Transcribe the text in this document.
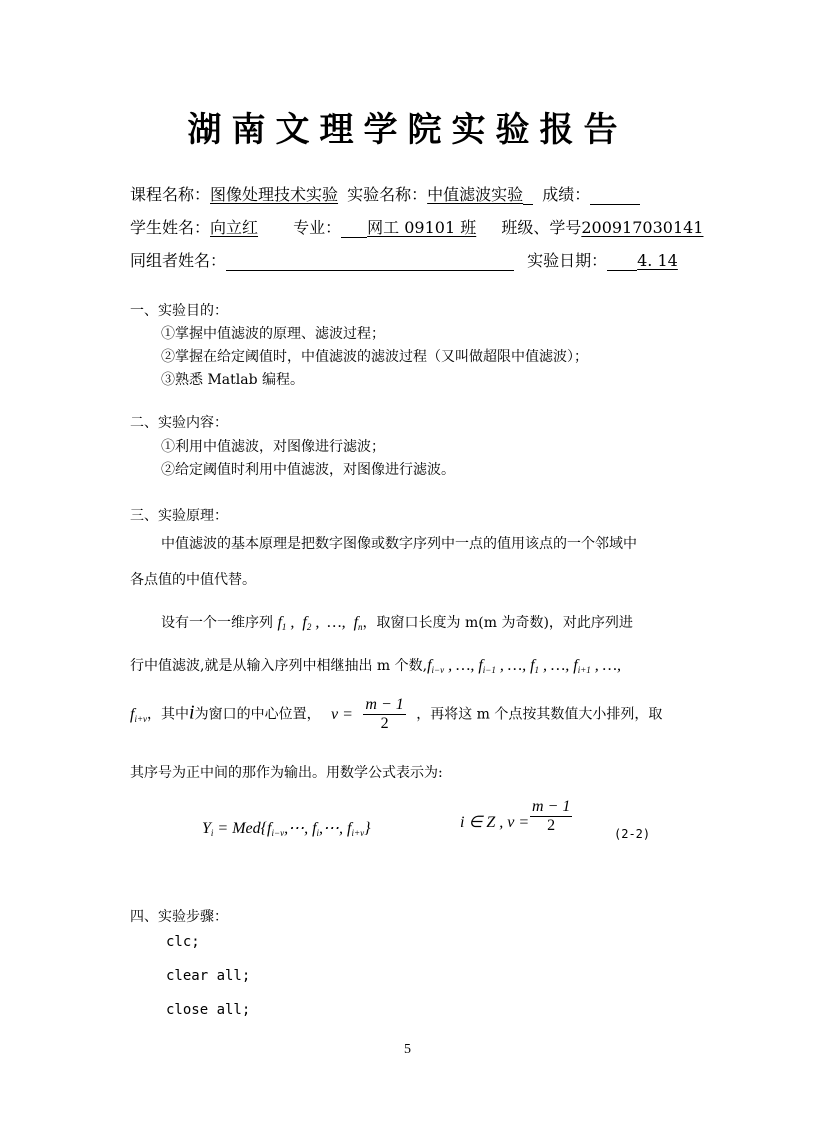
湖南文理学院实验报告
课程名称：图像处理技术实验 实验名称：中值滤波实验 成绩：
学生姓名：向立红 专业： 网工 09101 班 班级、学号200917030141
同组者姓名：	实验日期： 4. 14
一、实验目的：
①掌握中值滤波的原理、滤波过程；
②掌握在给定阈值时，中值滤波的滤波过程（又叫做超限中值滤波）；
③熟悉 Matlab 编程。
二、实验内容：
①利用中值滤波，对图像进行滤波；
②给定阈值时利用中值滤波，对图像进行滤波。
三、实验原理：
中值滤波的基本原理是把数字图像或数字序列中一点的值用该点的一个邻域中
各点值的中值代替。
设有一个一维序列 $f_1$ ,  $f_2$ ,  …,  $f_n$，取窗口长度为 m(m 为奇数)，对此序列进
行中值滤波,就是从输入序列中相继抽出 m 个数$,f_{i-v}$ , …, $f_{i-1}$ , …, $f_1$ , …, $f_{i+1}$ , …,
$f_{i+v}$，其中i为窗口的中心位置， $v = \frac{m - 1}{2}$ ，再将这 m 个点按其数值大小排列，取
其序号为正中间的那作为输出。用数学公式表示为:
$Y_i$ = $Med\{f_{i-v},\cdots$, $f_i,\cdots$, $f_{i+v}$}	i ∈ Z , $v = \frac{m - 1}{2}$	(2-2)
四、实验步骤：
clc;
clear all;
close all;
5
